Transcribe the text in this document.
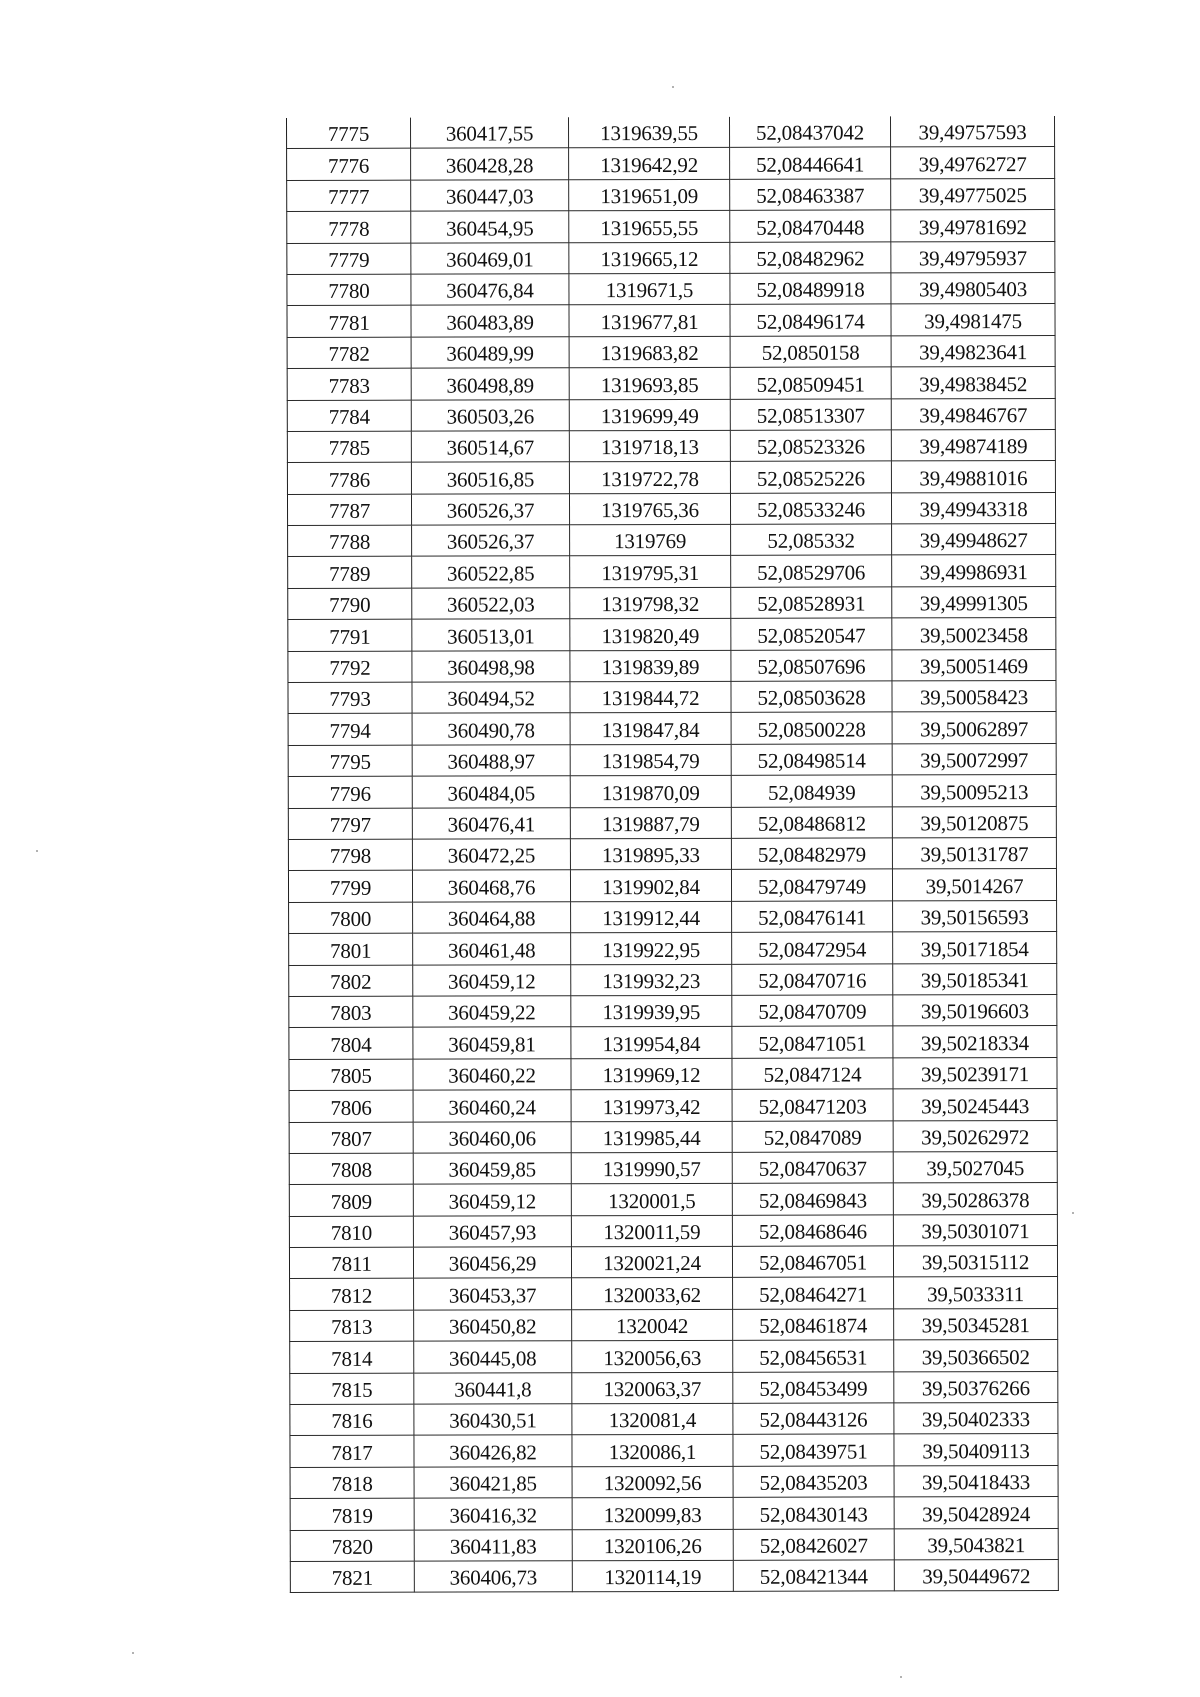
7775	360417,55	1319639,55	52,08437042	39,49757593
7776	360428,28	1319642,92	52,08446641	39,49762727
7777	360447,03	1319651,09	52,08463387	39,49775025
7778	360454,95	1319655,55	52,08470448	39,49781692
7779	360469,01	1319665,12	52,08482962	39,49795937
7780	360476,84	1319671,5	52,08489918	39,49805403
7781	360483,89	1319677,81	52,08496174	39,4981475
7782	360489,99	1319683,82	52,0850158	39,49823641
7783	360498,89	1319693,85	52,08509451	39,49838452
7784	360503,26	1319699,49	52,08513307	39,49846767
7785	360514,67	1319718,13	52,08523326	39,49874189
7786	360516,85	1319722,78	52,08525226	39,49881016
7787	360526,37	1319765,36	52,08533246	39,49943318
7788	360526,37	1319769	52,085332	39,49948627
7789	360522,85	1319795,31	52,08529706	39,49986931
7790	360522,03	1319798,32	52,08528931	39,49991305
7791	360513,01	1319820,49	52,08520547	39,50023458
7792	360498,98	1319839,89	52,08507696	39,50051469
7793	360494,52	1319844,72	52,08503628	39,50058423
7794	360490,78	1319847,84	52,08500228	39,50062897
7795	360488,97	1319854,79	52,08498514	39,50072997
7796	360484,05	1319870,09	52,084939	39,50095213
7797	360476,41	1319887,79	52,08486812	39,50120875
7798	360472,25	1319895,33	52,08482979	39,50131787
7799	360468,76	1319902,84	52,08479749	39,5014267
7800	360464,88	1319912,44	52,08476141	39,50156593
7801	360461,48	1319922,95	52,08472954	39,50171854
7802	360459,12	1319932,23	52,08470716	39,50185341
7803	360459,22	1319939,95	52,08470709	39,50196603
7804	360459,81	1319954,84	52,08471051	39,50218334
7805	360460,22	1319969,12	52,0847124	39,50239171
7806	360460,24	1319973,42	52,08471203	39,50245443
7807	360460,06	1319985,44	52,0847089	39,50262972
7808	360459,85	1319990,57	52,08470637	39,5027045
7809	360459,12	1320001,5	52,08469843	39,50286378
7810	360457,93	1320011,59	52,08468646	39,50301071
7811	360456,29	1320021,24	52,08467051	39,50315112
7812	360453,37	1320033,62	52,08464271	39,5033311
7813	360450,82	1320042	52,08461874	39,50345281
7814	360445,08	1320056,63	52,08456531	39,50366502
7815	360441,8	1320063,37	52,08453499	39,50376266
7816	360430,51	1320081,4	52,08443126	39,50402333
7817	360426,82	1320086,1	52,08439751	39,50409113
7818	360421,85	1320092,56	52,08435203	39,50418433
7819	360416,32	1320099,83	52,08430143	39,50428924
7820	360411,83	1320106,26	52,08426027	39,5043821
7821	360406,73	1320114,19	52,08421344	39,50449672
